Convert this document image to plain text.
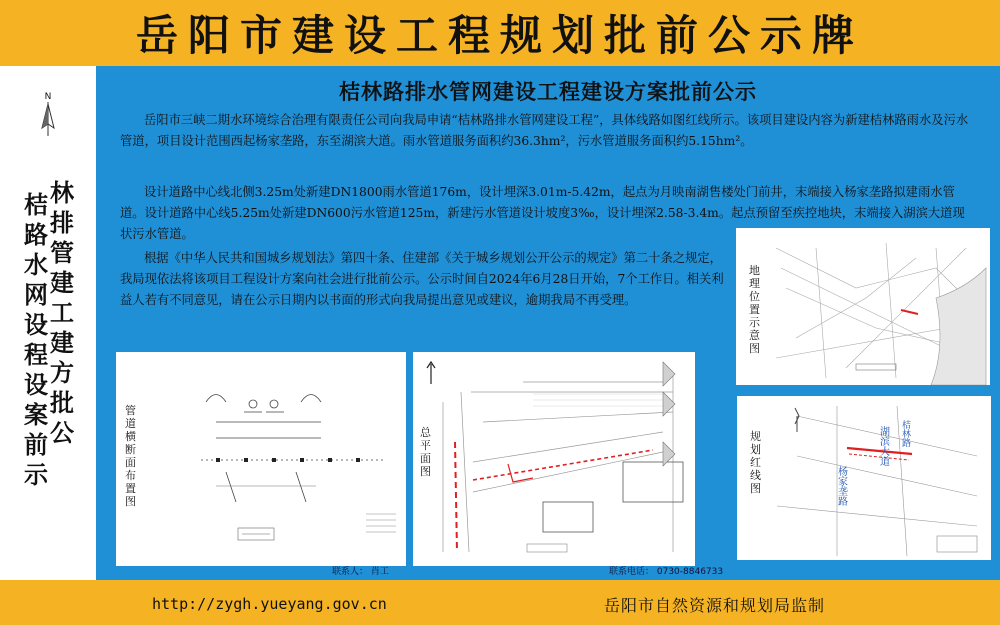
岳阳市建设工程规划批前公示牌
N
桔路水网设程设案前示
林排管建工建方批公
桔林路排水管网建设工程建设方案批前公示
岳阳市三峡二期水环境综合治理有限责任公司向我局申请“桔林路排水管网建设工程”，具体线路如图红线所示。该项目建设内容为新建桔林路雨水及污水管道，项目设计范围西起杨家垄路，东至湖滨大道。雨水管道服务面积约36.3hm²，污水管道服务面积约5.15hm²。
设计道路中心线北侧3.25m处新建DN1800雨水管道176m，设计埋深3.01m-5.42m，起点为月映南湖售楼处门前井，末端接入杨家垄路拟建雨水管道。设计道路中心线5.25m处新建DN600污水管道125m，新建污水管道设计坡度3‰，设计埋深2.58-3.4m。起点预留至疾控地块，末端接入湖滨大道现状污水管道。
根据《中华人民共和国城乡规划法》第四十条、住建部《关于城乡规划公开公示的规定》第二十条之规定，我局现依法将该项目工程设计方案向社会进行批前公示。公示时间自2024年6月28日开始，7个工作日。相关利益人若有不同意见，请在公示日期内以书面的形式向我局提出意见或建议，逾期我局不再受理。
地理位置示意图
管道横断面布置图
总平面图
规划红线图
湖滨大道
杨家垄路
桔林路
联系人： 肖工	联系电话： 0730-8846733
http://zygh.yueyang.gov.cn	岳阳市自然资源和规划局监制
